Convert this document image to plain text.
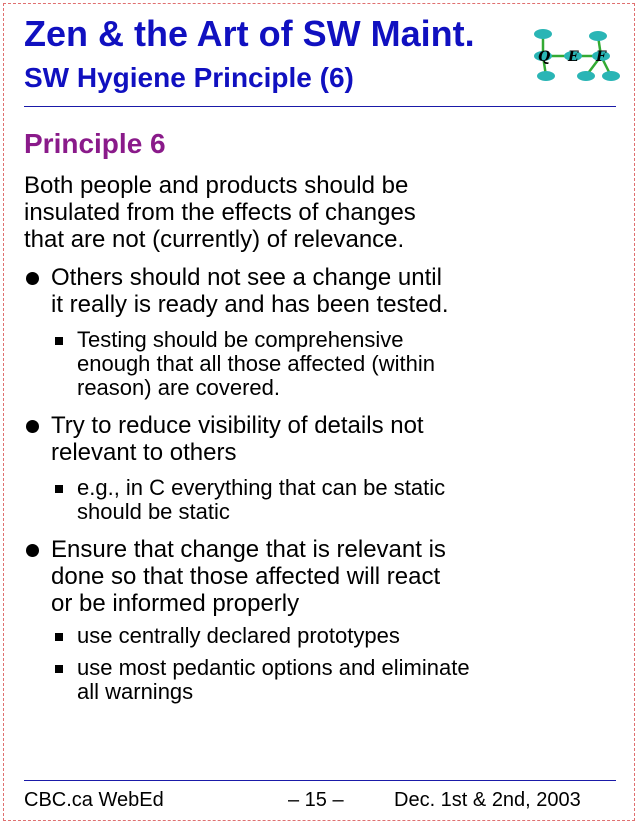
Zen & the Art of SW Maint.
SW Hygiene Principle (6)
Q E F
Principle 6

Both people and products should be
insulated from the effects of changes
that are not (currently) of relevance.

Others should not see a change until
it really is ready and has been tested.
Testing should be comprehensive
enough that all those affected (within
reason) are covered.
Try to reduce visibility of details not
relevant to others
e.g., in C everything that can be static
should be static
Ensure that change that is relevant is
done so that those affected will react
or be informed properly
use centrally declared prototypes
use most pedantic options and eliminate
all warnings
CBC.ca WebEd	– 15 –	Dec. 1st & 2nd, 2003
